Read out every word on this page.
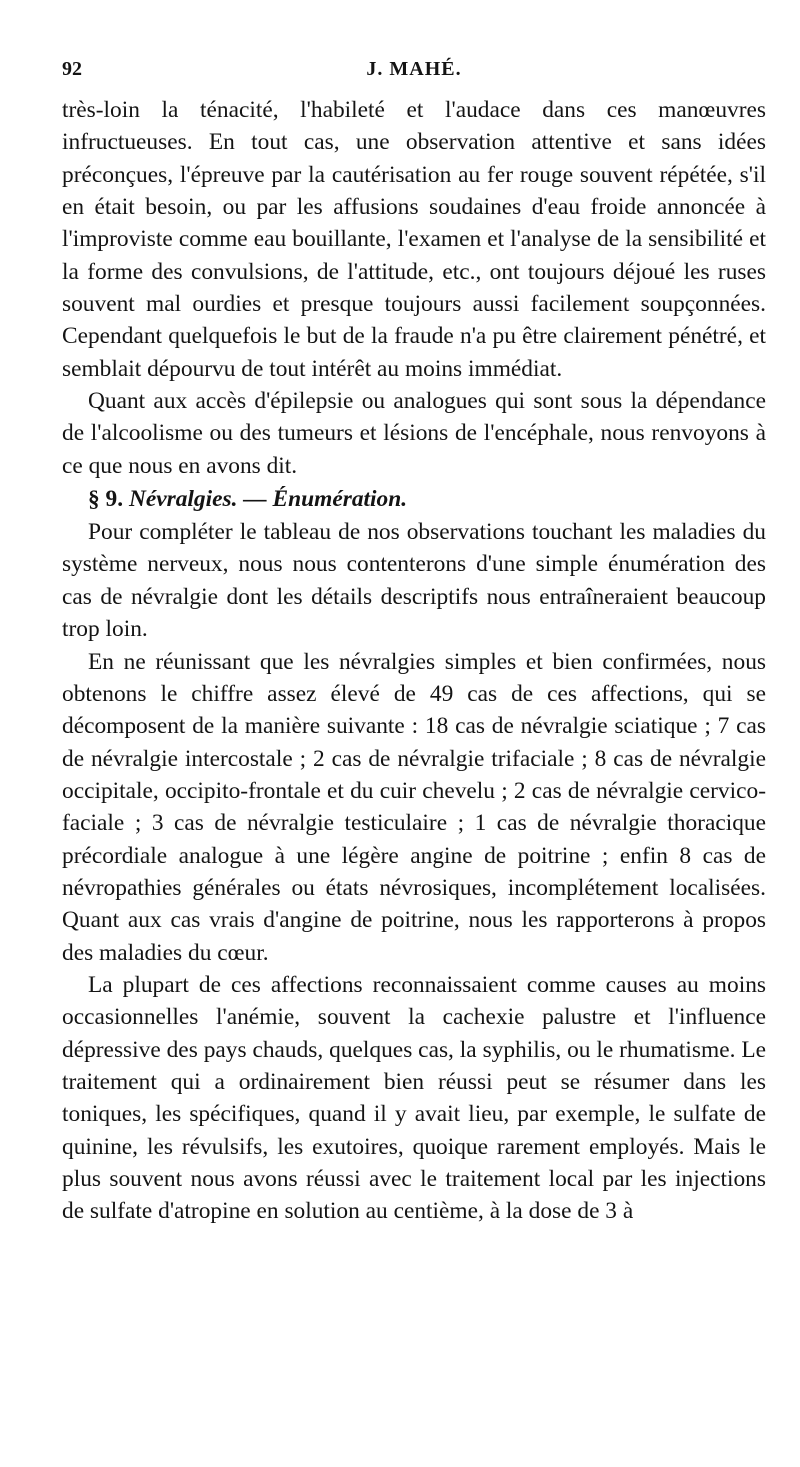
92	J. MAHÉ.

très-loin la ténacité, l'habileté et l'audace dans ces manœuvres infructueuses. En tout cas, une observation attentive et sans idées préconçues, l'épreuve par la cautérisation au fer rouge souvent répétée, s'il en était besoin, ou par les affusions soudaines d'eau froide annoncée à l'improviste comme eau bouillante, l'examen et l'analyse de la sensibilité et la forme des convulsions, de l'attitude, etc., ont toujours déjoué les ruses souvent mal ourdies et presque toujours aussi facilement soupçonnées. Cependant quelquefois le but de la fraude n'a pu être clairement pénétré, et semblait dépourvu de tout intérêt au moins immédiat.

Quant aux accès d'épilepsie ou analogues qui sont sous la dépendance de l'alcoolisme ou des tumeurs et lésions de l'encéphale, nous renvoyons à ce que nous en avons dit.

§ 9. Névralgies. — Énumération.

Pour compléter le tableau de nos observations touchant les maladies du système nerveux, nous nous contenterons d'une simple énumération des cas de névralgie dont les détails descriptifs nous entraîneraient beaucoup trop loin.

En ne réunissant que les névralgies simples et bien confirmées, nous obtenons le chiffre assez élevé de 49 cas de ces affections, qui se décomposent de la manière suivante : 18 cas de névralgie sciatique ; 7 cas de névralgie intercostale ; 2 cas de névralgie trifaciale ; 8 cas de névralgie occipitale, occipito-frontale et du cuir chevelu ; 2 cas de névralgie cervico-faciale ; 3 cas de névralgie testiculaire ; 1 cas de névralgie thoracique précordiale analogue à une légère angine de poitrine ; enfin 8 cas de névropathies générales ou états névrosiques, incomplétement localisées. Quant aux cas vrais d'angine de poitrine, nous les rapporterons à propos des maladies du cœur.

La plupart de ces affections reconnaissaient comme causes au moins occasionnelles l'anémie, souvent la cachexie palustre et l'influence dépressive des pays chauds, quelques cas, la syphilis, ou le rhumatisme. Le traitement qui a ordinairement bien réussi peut se résumer dans les toniques, les spécifiques, quand il y avait lieu, par exemple, le sulfate de quinine, les révulsifs, les exutoires, quoique rarement employés. Mais le plus souvent nous avons réussi avec le traitement local par les injections de sulfate d'atropine en solution au centième, à la dose de 3 à
